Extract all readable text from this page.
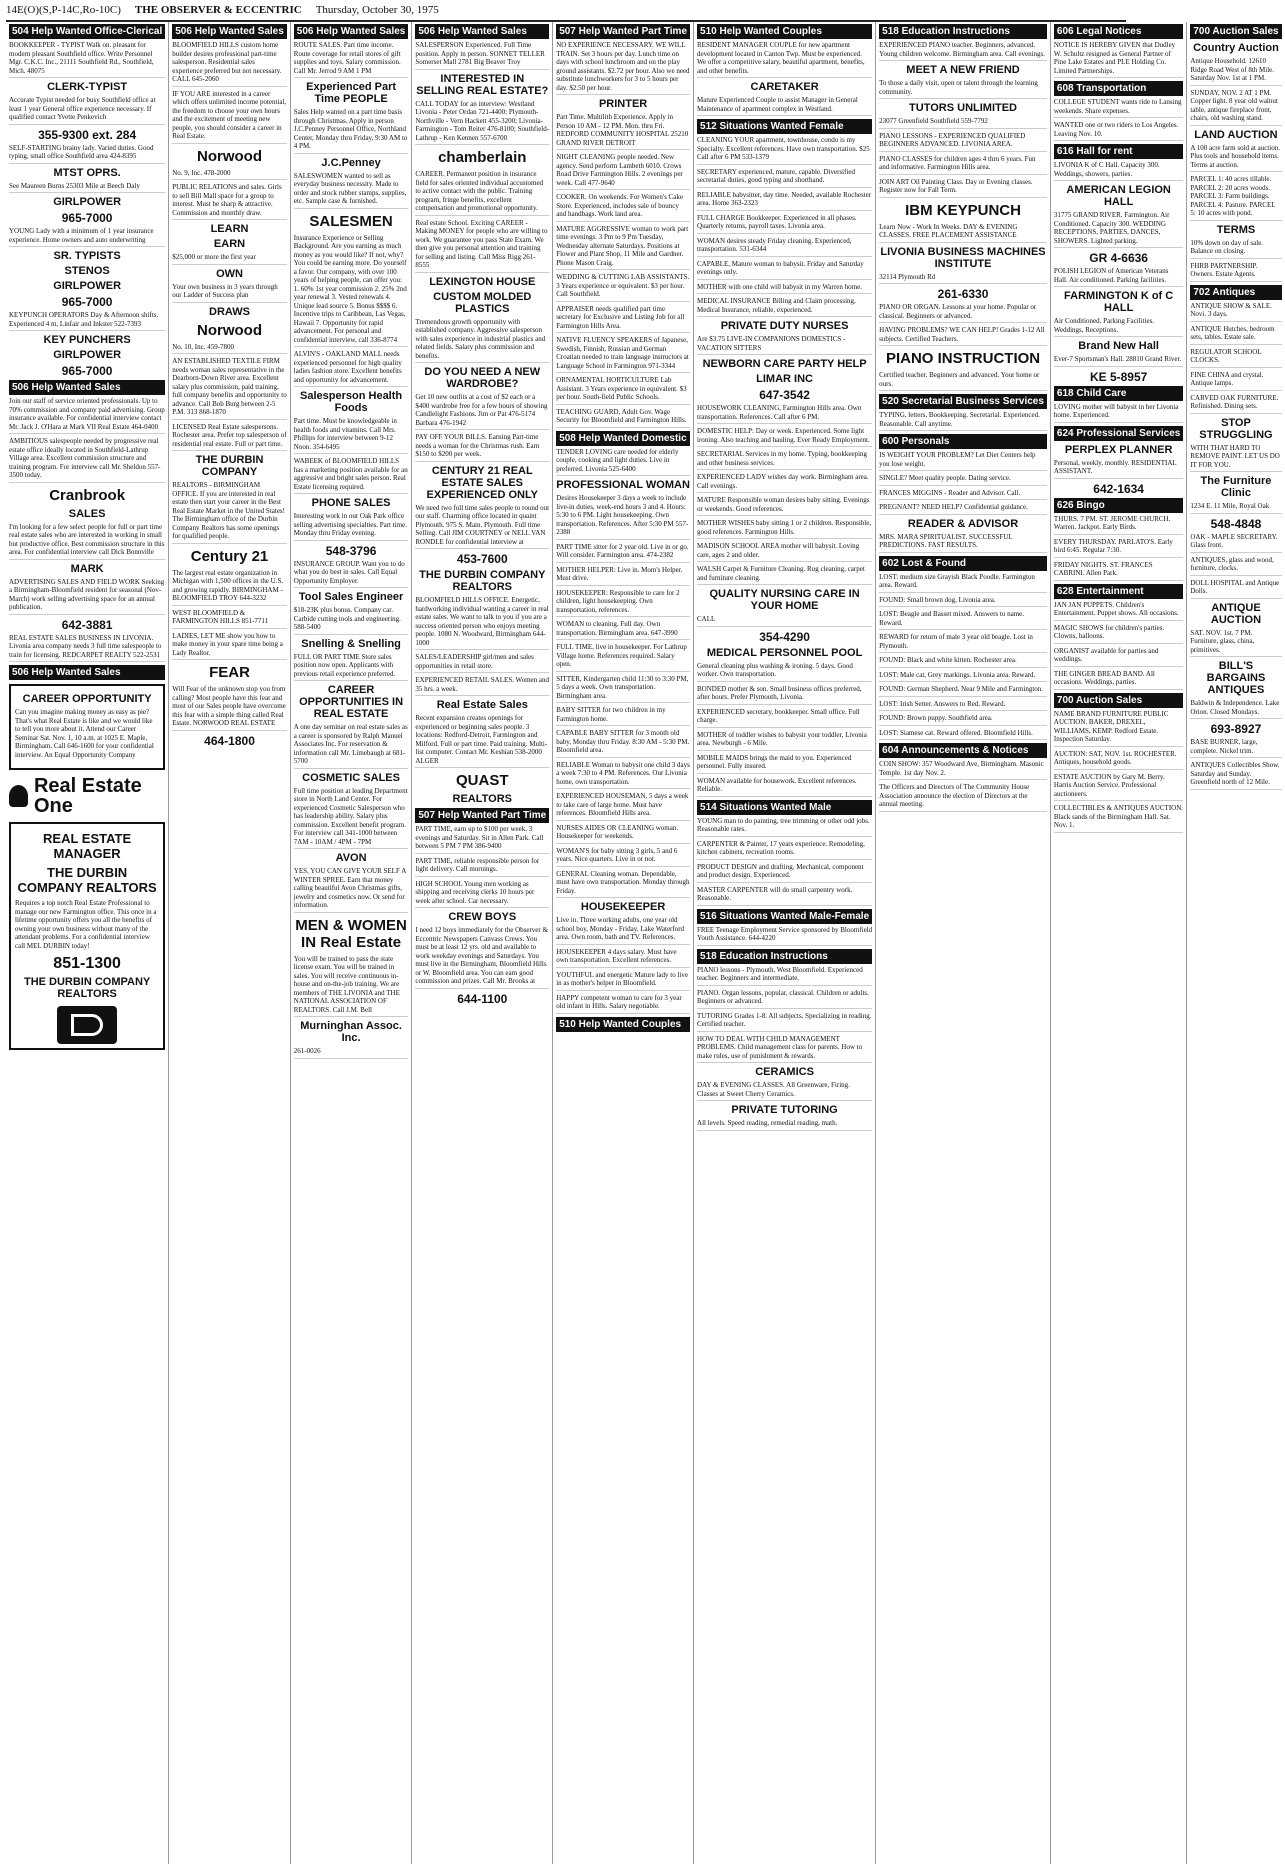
14E(O)(S,P-14C,Ro-10C) THE OBSERVER & ECCENTRIC Thursday, October 30, 1975
504 Help Wanted Office-Clerical
BOOKKEEPER - TYPIST Walk on. pleasant for modern pleasant Southfield office. Write Personnel Mgr. C.K.C. Inc., 21111 Southfield Rd., Southfield, Mich. 48075
CLERK-TYPIST
Accurate Typist needed for busy Southfield office at least 1 year General office experience necessary. If qualified contact Yvette Penkevich
355-9300 ext. 284
SELF-STARTING brainy lady. Varied duties. Good typing, small office Southfield area 424-8395
MTST OPRS.
See Maureen Burns 25303 Mile at Beech Daly
GIRLPOWER
965-7000
YOUNG Lady with a minimum of 1 year insurance experience. Home owners and auto underwriting
SR. TYPISTS
STENOS
GIRLPOWER
965-7000
KEYPUNCH OPERATORS Day & Afternoon shifts. Experienced 4 m, Linfair and Inkster 522-7393
KEY PUNCHERS
GIRLPOWER
965-7000
506 Help Wanted Sales
Join our staff of service oriented professionals. Up to 70% commission and company paid advertising. Group insurance available. For confidential interview contact Mr. Jack J. O'Hara at Mark VII Real Estate 464-0400
AMBITIOUS salespeople needed by progressive real estate office ideally located in Southfield-Lathrup Village area. Excellent commission structure and training program. For interview call Mr. Sheldon 557-3500 today.
Cranbrook
SALES
I'm looking for a few select people for full or part time real estate sales who are interested in working in small but productive office. Best commission structure in this area. For confidential interview call Dick Bonnville
MARK
ADVERTISING SALES AND FIELD WORK Seeking a Birmingham-Bloomfield resident for seasonal (Nov-March) work selling advertising space for an annual publication.
642-3881
REAL ESTATE SALES BUSINESS IN LIVONIA. Livonia area company needs 3 full time salespeople to train for licensing. REDCARPET REALTY 522-2531
506 Help Wanted Sales
CAREER OPPORTUNITY
Can you imagine making money as easy as pie? That's what Real Estate is like and we would like to tell you more about it. Attend our Career Seminar Sat. Nov. 1, 10 a.m. at 1025 E. Maple, Birmingham. Call 646-1600 for your confidential interview. An Equal Opportunity Company
Real Estate One
REAL ESTATE MANAGER
THE DURBIN COMPANY REALTORS
Requires a top notch Real Estate Professional to manage our new Farmington office. This once in a lifetime opportunity offers you all the benefits of owning your own business without many of the attendant problems. For a confidential interview call MEL DURBIN today!
851-1300
THE DURBIN COMPANY REALTORS
506 Help Wanted Sales
BLOOMFIELD HILLS custom home builder desires professional part-time salesperson. Residential sales experience preferred but not necessary. CALL 645-2060
IF YOU ARE interested in a career which offers unlimited income potential, the freedom to choose your own hours and the excitement of meeting new people, you should consider a career in Real Estate.
Norwood
No. 9, Inc. 478-2000
PUBLIC RELATIONS and sales. Girls to sell Bill Mall space for a group to interest. Must be sharp & attractive. Commission and monthly draw.
LEARN
EARN
$25,000 or more the first year
OWN
Your own business in 3 years through our Ladder of Success plan
DRAWS
Norwood
No. 10, Inc. 459-7800
AN ESTABLISHED TEXTILE FIRM needs woman sales representative in the Dearborn-Down River area. Excellent salary plus commission, paid training, full company benefits and opportunity to advance. Call Bob Burg between 2-5 P.M. 313 868-1870
LICENSED Real Estate salespersons. Rochester area. Prefer top salesperson of residential real estate. Full or part time.
THE DURBIN COMPANY
REALTORS - BIRMINGHAM OFFICE. If you are interested in real estate then start your career in the Best Real Estate Market in the United States! The Birmingham office of the Durbin Company Realtors has some openings for qualified people.
Century 21
The largest real estate organization in Michigan with 1,500 offices in the U.S. and growing rapidly. BIRMINGHAM - BLOOMFIELD TROY 644-3232
WEST BLOOMFIELD & FARMINGTON HILLS 851-7711
LADIES, LET ME show you how to make money in your spare time being a Lady Realtor.
FEAR
Will Fear of the unknown stop you from calling? Most people have this fear and most of our Sales people have overcome this fear with a simple thing called Real Estate. NORWOOD REAL ESTATE
464-1800
506 Help Wanted Sales
ROUTE SALES. Part time income. Route coverage for retail stores of gift supplies and toys. Salary commission. Call Mr. Jerrod 9 AM 1 PM
Experienced Part Time PEOPLE
Sales Help wanted on a part time basis through Christmas. Apply in person J.C.Penney Personnel Office, Northland Center, Monday thru Friday, 9:30 AM to 4 PM.
J.C.Penney
SALESWOMEN wanted to sell as everyday business necessity. Made to order and stock rubber stamps, supplies, etc. Sample case & furnished.
SALESMEN
Insurance Experience or Selling Background. Are you earning as much money as you would like? If not, why? You could be earning more. Do yourself a favor. Our company, with over 100 years of helping people, can offer you: 1. 60% 1st year commission 2. 25% 2nd year renewal 3. Vested renewals 4. Unique lead source 5. Bonus $$$$ 6. Incentive trips to Caribbean, Las Vegas, Hawaii 7. Opportunity for rapid advancement. For personal and confidential interview, call 336-8774
ALVIN'S - OAKLAND MALL needs experienced personnel for high quality ladies fashion store. Excellent benefits and opportunity for advancement.
Salesperson Health Foods
Part time. Must be knowledgeable in health foods and vitamins. Call Mrs. Phillips for interview between 9-12 Noon. 354-6495
WABEEK of BLOOMFIELD HILLS has a marketing position available for an aggressive and bright sales person. Real Estate licensing required.
PHONE SALES
Interesting work in our Oak Park office selling advertising specialties. Part time. Monday thru Friday evening.
548-3796
INSURANCE GROUP. Want you to do what you do best in sales. Call Equal Opportunity Employer.
Tool Sales Engineer
$18-23K plus bonus. Company car. Carbide cutting tools and engineering. 588-5400
Snelling & Snelling
FULL OR PART TIME Store sales position now open. Applicants with previous retail experience preferred.
CAREER OPPORTUNITIES IN REAL ESTATE
A one day seminar on real estate sales as a career is sponsored by Ralph Manuel Associates Inc. For reservation & information call Mr. Limebaugh at 681-5700
COSMETIC SALES
Full time position at leading Department store in North Land Center. For experienced Cosmetic Salesperson who has leadership ability. Salary plus commission. Excellent benefit program. For interview call 341-1000 between 7AM - 10AM / 4PM - 7PM
AVON
YES, YOU CAN GIVE YOUR SELF A WINTER SPREE. Earn that money calling beautiful Avon Christmas gifts, jewelry and cosmetics now. Or send for information.
MEN & WOMEN IN Real Estate
You will be trained to pass the state license exam. You will be trained in sales. You will receive continuous in-house and on-the-job training. We are members of THE LIVONIA and THE NATIONAL ASSOCIATION OF REALTORS. Call J.M. Bell
Murninghan Assoc. Inc.
261-0026
506 Help Wanted Sales
SALESPERSON Experienced. Full Time position. Apply in person. SONNET TELLER Somerset Mall 2781 Big Beaver Troy
INTERESTED IN SELLING REAL ESTATE?
CALL TODAY for an interview: Westland Livonia - Peter Ordan 721-4400; Plymouth-Northville - Vern Hackett 455-3200; Livonia-Farmington - Tom Reiter 476-8100; Southfield-Lathrup - Ken Kennen 557-6700
chamberlain
CAREER. Permanent position in insurance field for sales oriented individual accustomed to active contact with the public. Training program, fringe benefits, excellent compensation and promotional opportunity.
Real estate School. Exciting CAREER - Making MONEY for people who are willing to work. We guarantee you pass State Exam. We then give you personal attention and training for selling and listing. Call Miss Rigg 261-8555
LEXINGTON HOUSE
CUSTOM MOLDED PLASTICS
Tremendous growth opportunity with established company. Aggressive salesperson with sales experience in industrial plastics and related fields. Salary plus commission and benefits.
DO YOU NEED A NEW WARDROBE?
Get 10 new outfits at a cost of $2 each or a $400 wardrobe free for a few hours of showing Candlelight Fashions. Jim or Pat 476-5174 Barbara 476-1942
PAY OFF YOUR BILLS. Earning Part-time needs a woman for the Christmas rush. Earn $150 to $200 per week.
CENTURY 21 REAL ESTATE SALES EXPERIENCED ONLY
We need two full time sales people to round out our staff. Charming office located in quaint Plymouth. 975 S. Main. Plymouth. Full time Selling. Call JIM COURTNEY or NELL VAN RONDLE for confidential interview at
453-7600
THE DURBIN COMPANY REALTORS
BLOOMFIELD HILLS OFFICE. Energetic, hardworking individual wanting a career in real estate sales. We want to talk to you if you are a success oriented person who enjoys meeting people. 1080 N. Woodward, Birmingham 644-1000
SALES/LEADERSHIP girl/men and sales opportunities in retail store.
EXPERIENCED RETAIL SALES. Women and 35 hrs. a week.
Real Estate Sales
Recent expansion creates openings for experienced or beginning sales people. 3 locations: Redford-Detroit, Farmington and Milford. Full or part time. Paid training. Multi-list computer. Contact Mr. Keshian 538-2000 ALGER
QUAST
REALTORS
507 Help Wanted Part Time
PART TIME, earn up to $100 per week. 3 evenings and Saturday. Sit in Allen Park. Call between 5 PM 7 PM 386-9400
PART TIME, reliable responsible person for light delivery. Call mornings.
HIGH SCHOOL Young men working as shipping and receiving clerks 10 hours per week after school. Car necessary.
CREW BOYS
I need 12 boys immediately for the Observer & Eccentric Newspapers Canvass Crews. You must be at least 12 yrs. old and available to work weekday evenings and Saturdays. You must live in the Birmingham, Bloomfield Hills or W. Bloomfield area. You can earn good commission and prizes. Call Mr. Brooks at
644-1100
507 Help Wanted Part Time
NO EXPERIENCE NECESSARY. WE WILL TRAIN. Set 3 hours per day. Lunch time on days with school lunchroom and on the play ground assistants. $2.72 per hour. Also we need substitute lunchworkers for 3 to 5 hours per day. $2.50 per hour.
PRINTER
Part Time. Multilith Experience. Apply in Person 10 AM - 12 PM. Mon. thru Fri. REDFORD COMMUNITY HOSPITAL 25210 GRAND RIVER DETROIT
NIGHT CLEANING people needed. New agency. Send perform Lambeth 6010. Crows Road Drive Farmington Hills. 2 evenings per week. Call 477-9640
COOKER. On weekends. For Women's Cake Store. Experienced, includes sale of bouncy and handbags. Work land area.
MATURE AGGRESSIVE woman to work part time evenings. 3 Pm to 9 Pm Tuesday, Wednesday alternate Saturdays. Positions at Flower and Plant Shop, 11 Mile and Gardner. Phone Mason Craig.
WEDDING & CUTTING LAB ASSISTANTS. 3 Years experience or equivalent. $3 per hour. Call Southfield.
APPRAISER needs qualified part time secretary for Exclusive and Listing Job for all Farmington Hills Area.
NATIVE FLUENCY SPEAKERS of Japanese, Swedish, Finnish, Russian and German Croatian needed to train language instructors at Language School in Farmington 971-3344
ORNAMENTAL HORTICULTURE Lab Assistant. 3 Years experience in equivalent. $3 per hour. South-field Public Schools.
TEACHING GUARD, Adult Gov. Wage Security for Bloomfield and Farmington Hills.
508 Help Wanted Domestic
TENDER LOVING care needed for elderly couple, cooking and light duties. Live in preferred. Livonia 525-6400
PROFESSIONAL WOMAN
Desires Housekeeper 3 days a week to include live-in duties, week-end hours 3 and 4. Hours: 5:30 to 6 PM. Light housekeeping. Own transportation. References. After 5:30 PM 557-2388
PART TIME sitter for 2 year old. Live in or go. Will consider. Farmington area. 474-2382
MOTHER HELPER: Live in. Mom's Helper. Must drive.
HOUSEKEEPER: Responsible to care for 2 children, light housekeeping. Own transportation, references.
WOMAN to cleaning. Full day. Own transportation. Birmingham area. 647-3990
FULL TIME, live in housekeeper. For Lathrup Village home. References required. Salary open.
SITTER, Kindergarten child 11:30 to 3:30 PM, 5 days a week. Own transportation. Birmingham area.
BABY SITTER for two children in my Farmington home.
CAPABLE BABY SITTER for 3 month old baby, Monday thru Friday. 8:30 AM - 5:30 PM. Bloomfield area.
RELIABLE Woman to babysit one child 3 days a week 7:30 to 4 PM. References. Our Livonia home, own transportation.
EXPERIENCED HOUSEMAN, 5 days a week to take care of large home. Must have references. Bloomfield Hills area.
NURSES AIDES OR CLEANING woman. Housekeeper for weekends.
WOMAN'S for baby sitting 3 girls, 5 and 6 years. Nice quarters. Live in or not.
GENERAL Cleaning woman. Dependable, must have own transportation. Monday through Friday.
HOUSEKEEPER
Live in. Three working adults, one year old school boy, Monday - Friday. Lake Waterford area. Own room, bath and TV. References.
HOUSEKEEPER 4 days salary. Must have own transportation. Excellent references.
YOUTHFUL and energetic Mature lady to live in as mother's helper in Bloomfield.
HAPPY competent woman to care for 3 year old infant in Hills. Salary negotiable.
510 Help Wanted Couples
510 Help Wanted Couples
RESIDENT MANAGER COUPLE for new apartment development located in Canton Twp. Must be experienced. We offer a competitive salary, beautiful apartment, benefits, and other benefits.
CARETAKER
Mature Experienced Couple to assist Manager in General Maintenance of apartment complex in Westland.
512 Situations Wanted Female
CLEANING YOUR apartment, townhouse, condo is my Specialty. Excellent references. Have own transportation. $25 Call after 6 PM 533-1379
SECRETARY experienced, mature, capable. Diversified secretarial duties, good typing and shorthand.
RELIABLE babysitter, day time. Needed, available Rochester area. Home 363-2323
FULL CHARGE Bookkeeper. Experienced in all phases. Quarterly returns, payroll taxes. Livonia area.
WOMAN desires steady Friday cleaning. Experienced, transportation. 531-6344
CAPABLE, Mature woman to babysit. Friday and Saturday evenings only.
MOTHER with one child will babysit in my Warren home.
MEDICAL INSURANCE Billing and Claim processing, Medical Insurance, reliable, experienced.
PRIVATE DUTY NURSES
Are $3.75 LIVE-IN COMPANIONS DOMESTICS - VACATION SITTERS
NEWBORN CARE PARTY HELP
LIMAR INC
647-3542
HOUSEWORK CLEANING, Farmington Hills area. Own transportation. References. Call after 6 PM.
DOMESTIC HELP: Day or week. Experienced. Some light ironing. Also teaching and hauling. Ever Ready Employment.
SECRETARIAL Services in my home. Typing, bookkeeping and other business services.
EXPERIENCED LADY wishes day work. Birmingham area. Call evenings.
MATURE Responsible woman desires baby sitting. Evenings or weekends. Good references.
MOTHER WISHES baby sitting 1 or 2 children. Responsible, good references. Farmington Hills.
MADISON SCHOOL AREA mother will babysit. Loving care, ages 2 and older.
WALSH Carpet & Furniture Cleaning. Rug cleaning, carpet and furniture cleaning.
QUALITY NURSING CARE IN YOUR HOME
CALL
354-4290
MEDICAL PERSONNEL POOL
General cleaning plus washing & ironing. 5 days. Good worker. Own transportation.
BONDED mother & son. Small business offices preferred, after hours. Prefer Plymouth, Livonia.
EXPERIENCED secretary, bookkeeper. Small office. Full charge.
MOTHER of toddler wishes to babysit your toddler, Livonia area. Newburgh - 6 Mile.
MOBILE MAIDS brings the maid to you. Experienced personnel. Fully insured.
WOMAN available for housework. Excellent references. Reliable.
514 Situations Wanted Male
YOUNG man to do painting, tree trimming or other odd jobs. Reasonable rates.
CARPENTER & Painter, 17 years experience. Remodeling, kitchen cabinets, recreation rooms.
PRODUCT DESIGN and drafting. Mechanical, component and product design. Experienced.
MASTER CARPENTER will do small carpentry work. Reasonable.
516 Situations Wanted Male-Female
FREE Teenage Employment Service sponsored by Bloomfield Youth Assistance. 644-4220
518 Education Instructions
PIANO lessons - Plymouth. West Bloomfield. Experienced teacher. Beginners and intermediate.
PIANO. Organ lessons, popular, classical. Children or adults. Beginners or advanced.
TUTORING Grades 1-8. All subjects. Specializing in reading. Certified teacher.
HOW TO DEAL WITH CHILD MANAGEMENT PROBLEMS. Child management class for parents. How to make rules, use of punishment & rewards.
CERAMICS
DAY & EVENING CLASSES. All Greenware, Firing. Classes at Sweet Cherry Ceramics.
PRIVATE TUTORING
All levels. Speed reading, remedial reading, math.
518 Education Instructions
EXPERIENCED PIANO teacher. Beginners, advanced. Young children welcome. Birmingham area. Call evenings.
MEET A NEW FRIEND
To those a daily visit, open or talent through the learning community.
TUTORS UNLIMITED
23077 Greenfield Southfield 559-7792
PIANO LESSONS - EXPERIENCED QUALIFIED BEGINNERS ADVANCED. LIVONIA AREA.
PIANO CLASSES for children ages 4 thru 6 years. Fun and informative. Farmington Hills area.
JOIN ART Oil Painting Class. Day or Evening classes. Register now for Fall Term.
IBM KEYPUNCH
Learn Now - Work In Weeks. DAY & EVENING CLASSES. FREE PLACEMENT ASSISTANCE
LIVONIA BUSINESS MACHINES INSTITUTE
32114 Plymouth Rd
261-6330
PIANO OR ORGAN. Lessons at your home. Popular or classical. Beginners or advanced.
HAVING PROBLEMS? WE CAN HELP! Grades 1-12 All subjects. Certified Teachers.
PIANO INSTRUCTION
Certified teacher. Beginners and advanced. Your home or ours.
520 Secretarial Business Services
TYPING, letters, Bookkeeping. Secretarial. Experienced. Reasonable. Call anytime.
600 Personals
IS WEIGHT YOUR PROBLEM? Let Diet Centers help you lose weight.
SINGLE? Meet quality people. Dating service.
FRANCES MIGGINS - Reader and Advisor. Call.
PREGNANT? NEED HELP? Confidential guidance.
READER & ADVISOR
MRS. MARA SPIRITUALIST. SUCCESSFUL PREDICTIONS. FAST RESULTS.
602 Lost & Found
LOST: medium size Grayish Black Poodle. Farmington area. Reward.
FOUND: Small brown dog, Livonia area.
LOST: Beagle and Basset mixed. Answers to name. Reward.
REWARD for return of male 3 year old beagle. Lost in Plymouth.
FOUND: Black and white kitten. Rochester area.
LOST: Male cat, Grey markings. Livonia area. Reward.
FOUND: German Shepherd. Near 9 Mile and Farmington.
LOST: Irish Setter. Answers to Red. Reward.
FOUND: Brown puppy. Southfield area.
LOST: Siamese cat. Reward offered. Bloomfield Hills.
604 Announcements & Notices
COIN SHOW: 357 Woodward Ave, Birmingham. Masonic Temple. 1st day Nov. 2.
The Officers and Directors of The Community House Association announce the election of Directors at the annual meeting.
606 Legal Notices
NOTICE IS HEREBY GIVEN that Dudley W. Schultz resigned as General Partner of Pine Lake Estates and PLE Holding Co. Limited Partnerships.
608 Transportation
COLLEGE STUDENT wants ride to Lansing weekends. Share expenses.
WANTED one or two riders to Los Angeles. Leaving Nov. 10.
616 Hall for rent
LIVONIA K of C Hall. Capacity 300. Weddings, showers, parties.
AMERICAN LEGION HALL
31775 GRAND RIVER. Farmington. Air Conditioned. Capacity 300. WEDDING RECEPTIONS, PARTIES, DANCES, SHOWERS. Lighted parking.
GR 4-6636
POLISH LEGION of American Veterans Hall. Air conditioned. Parking facilities.
FARMINGTON K of C HALL
Air Conditioned. Parking Facilities. Weddings, Receptions.
Brand New Hall
Ever-7 Sportsman's Hall. 28810 Grand River.
KE 5-8957
618 Child Care
LOVING mother will babysit in her Livonia home. Experienced.
624 Professional Services
PERPLEX PLANNER
Personal, weekly, monthly. RESIDENTIAL ASSISTANT.
642-1634
626 Bingo
THURS. 7 PM. ST. JEROME CHURCH. Warren. Jackpot. Early Birds.
EVERY THURSDAY. PARLATO'S. Early bird 6:45. Regular 7:30.
FRIDAY NIGHTS. ST. FRANCES CABRINI. Allen Park.
628 Entertainment
JAN JAN PUPPETS. Children's Entertainment. Puppet shows. All occasions.
MAGIC SHOWS for children's parties. Clowns, balloons.
ORGANIST available for parties and weddings.
THE GINGER BREAD BAND. All occasions. Weddings, parties.
700 Auction Sales
NAME BRAND FURNITURE PUBLIC AUCTION. BAKER, DREXEL, WILLIAMS, KEMP. Redford Estate. Inspection Saturday.
AUCTION: SAT, NOV. 1st. ROCHESTER. Antiques, household goods.
ESTATE AUCTION by Gary M. Berry. Harris Auction Service. Professional auctioneers.
COLLECTIBLES & ANTIQUES AUCTION. Black sands of the Birmingham Hall. Sat. Nov. 1.
700 Auction Sales
Country Auction
Antique Household. 12610 Ridge Road West of 8th Mile. Saturday Nov. 1st at 1 PM.
SUNDAY, NOV. 2 AT 1 PM. Copper light. 8 year old walnut table, antique fireplace front, chairs, old washing stand.
LAND AUCTION
A 100 acre farm sold at auction. Plus tools and household items. Terms at auction.
PARCEL 1: 40 acres tillable. PARCEL 2: 20 acres woods. PARCEL 3: Farm buildings. PARCEL 4: Pasture. PARCEL 5: 10 acres with pond.
TERMS
10% down on day of sale. Balance on closing.
FHRB PARTNERSHIP. Owners. Estate Agents.
702 Antiques
ANTIQUE SHOW & SALE. Novi. 3 days.
ANTIQUE Hutches, bedroom sets, tables. Estate sale.
REGULATOR SCHOOL CLOCKS.
FINE CHINA and crystal. Antique lamps.
CARVED OAK FURNITURE. Refinished. Dining sets.
STOP STRUGGLING
WITH THAT HARD TO REMOVE PAINT. LET US DO IT FOR YOU.
The Furniture Clinic
1234 E. 11 Mile, Royal Oak
548-4848
OAK - MAPLE SECRETARY. Glass front.
ANTIQUES, glass and wood, furniture, clocks.
DOLL HOSPITAL and Antique Dolls.
ANTIQUE AUCTION
SAT. NOV. 1st. 7 PM. Furniture, glass, china, primitives.
BILL'S BARGAINS ANTIQUES
Baldwin & Independence. Lake Orion. Closed Mondays.
693-8927
BASE BURNER, large, complete. Nickel trim.
ANTIQUES Collectibles Show. Saturday and Sunday. Greenfield north of 12 Mile.
